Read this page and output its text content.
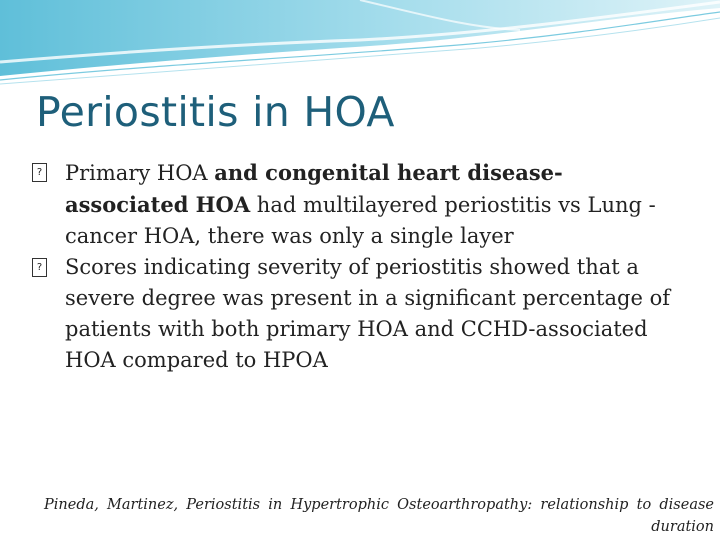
Periostitis in HOA
? Primary HOA and congenital heart disease-associated HOA had multilayered periostitis vs Lung -cancer HOA, there was only a single layer
? Scores indicating severity of periostitis showed that a severe degree was present in a significant percentage of patients with both primary HOA and CCHD-associated HOA compared to HPOA
Pineda, Martinez, Periostitis in Hypertrophic Osteoarthropathy: relationship to disease duration
